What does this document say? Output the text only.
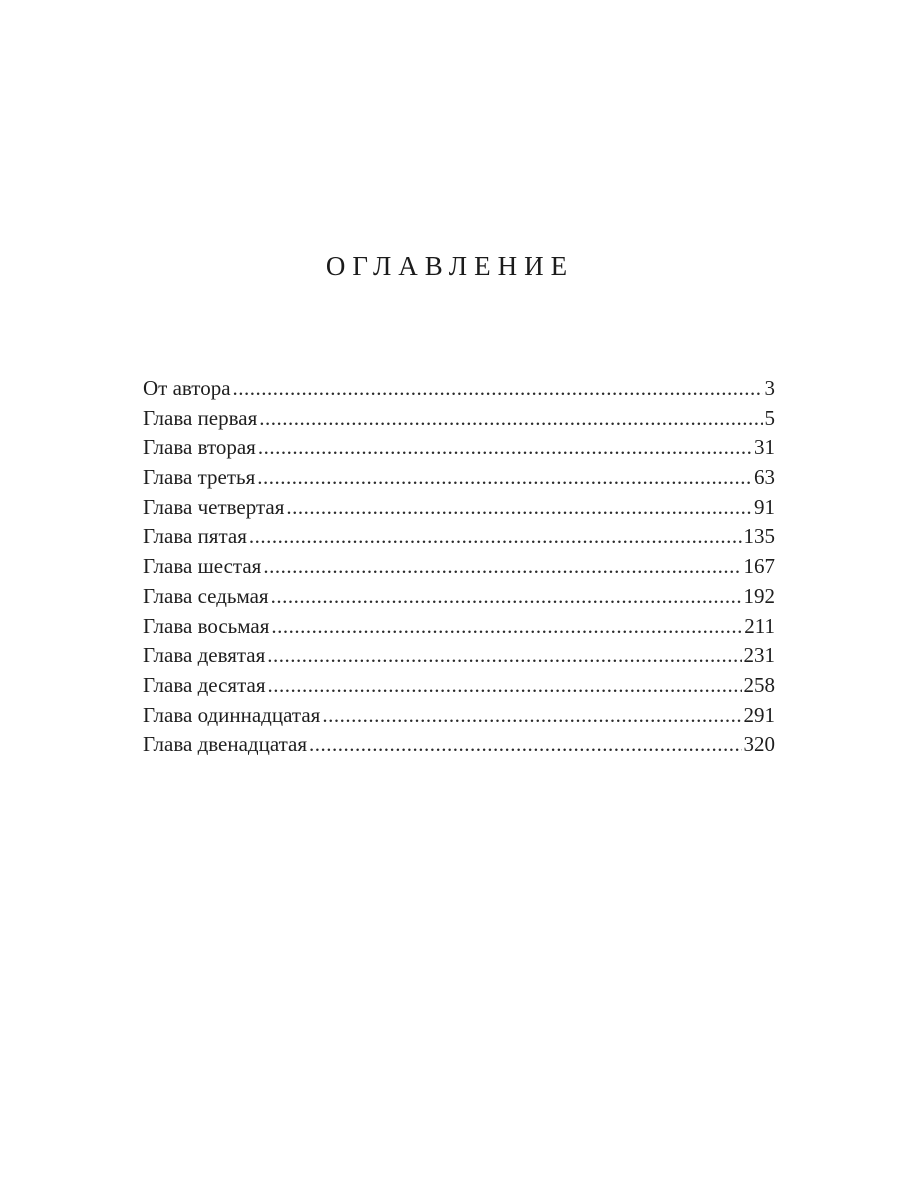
ОГЛАВЛЕНИЕ
От автора .....	3
Глава первая .....	5
Глава вторая .....	31
Глава третья .....	63
Глава четвертая .....	91
Глава пятая .....	135
Глава шестая .....	167
Глава седьмая .....	192
Глава восьмая .....	211
Глава девятая .....	231
Глава десятая .....	258
Глава одиннадцатая .....	291
Глава двенадцатая .....	320
